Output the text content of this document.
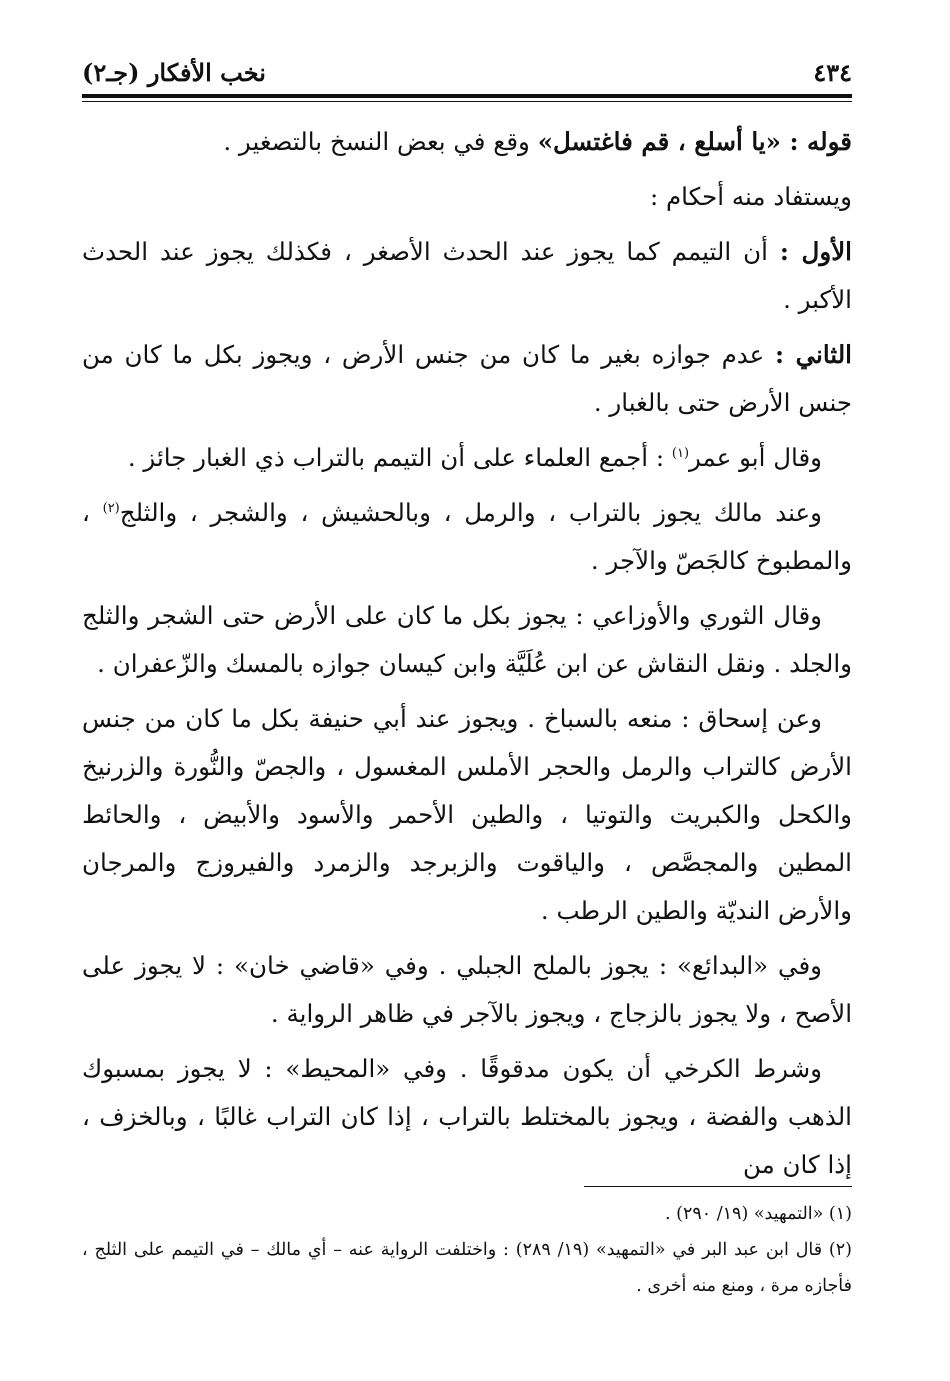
٤٣٤
نخب الأفكار (جـ٢)

قوله : «يا أسلع ، قم فاغتسل» وقع في بعض النسخ بالتصغير .

ويستفاد منه أحكام :

الأول : أن التيمم كما يجوز عند الحدث الأصغر ، فكذلك يجوز عند الحدث الأكبر .

الثاني : عدم جوازه بغير ما كان من جنس الأرض ، ويجوز بكل ما كان من جنس الأرض حتى بالغبار .

وقال أبو عمر$^{(١)}$ : أجمع العلماء على أن التيمم بالتراب ذي الغبار جائز .

وعند مالك يجوز بالتراب ، والرمل ، وبالحشيش ، والشجر ، والثلج$^{(٢)}$ ، والمطبوخ كالجَصّ والآجر .

وقال الثوري والأوزاعي : يجوز بكل ما كان على الأرض حتى الشجر والثلج والجلد . ونقل النقاش عن ابن عُلَيَّة وابن كيسان جوازه بالمسك والزّعفران .

وعن إسحاق : منعه بالسباخ . ويجوز عند أبي حنيفة بكل ما كان من جنس الأرض كالتراب والرمل والحجر الأملس المغسول ، والجصّ والنُّورة والزرنيخ والكحل والكبريت والتوتيا ، والطين الأحمر والأسود والأبيض ، والحائط المطين والمجصَّص ، والياقوت والزبرجد والزمرد والفيروزج والمرجان والأرض النديّة والطين الرطب .

وفي «البدائع» : يجوز بالملح الجبلي . وفي «قاضي خان» : لا يجوز على الأصح ، ولا يجوز بالزجاج ، ويجوز بالآجر في ظاهر الرواية .

وشرط الكرخي أن يكون مدقوقًا . وفي «المحيط» : لا يجوز بمسبوك الذهب والفضة ، ويجوز بالمختلط بالتراب ، إذا كان التراب غالبًا ، وبالخزف ، إذا كان من

(١) «التمهيد» (١٩/ ٢٩٠) .

(٢) قال ابن عبد البر في «التمهيد» (١٩/ ٢٨٩) : واختلفت الرواية عنه – أي مالك – في التيمم على الثلج ، فأجازه مرة ، ومنع منه أخرى .
